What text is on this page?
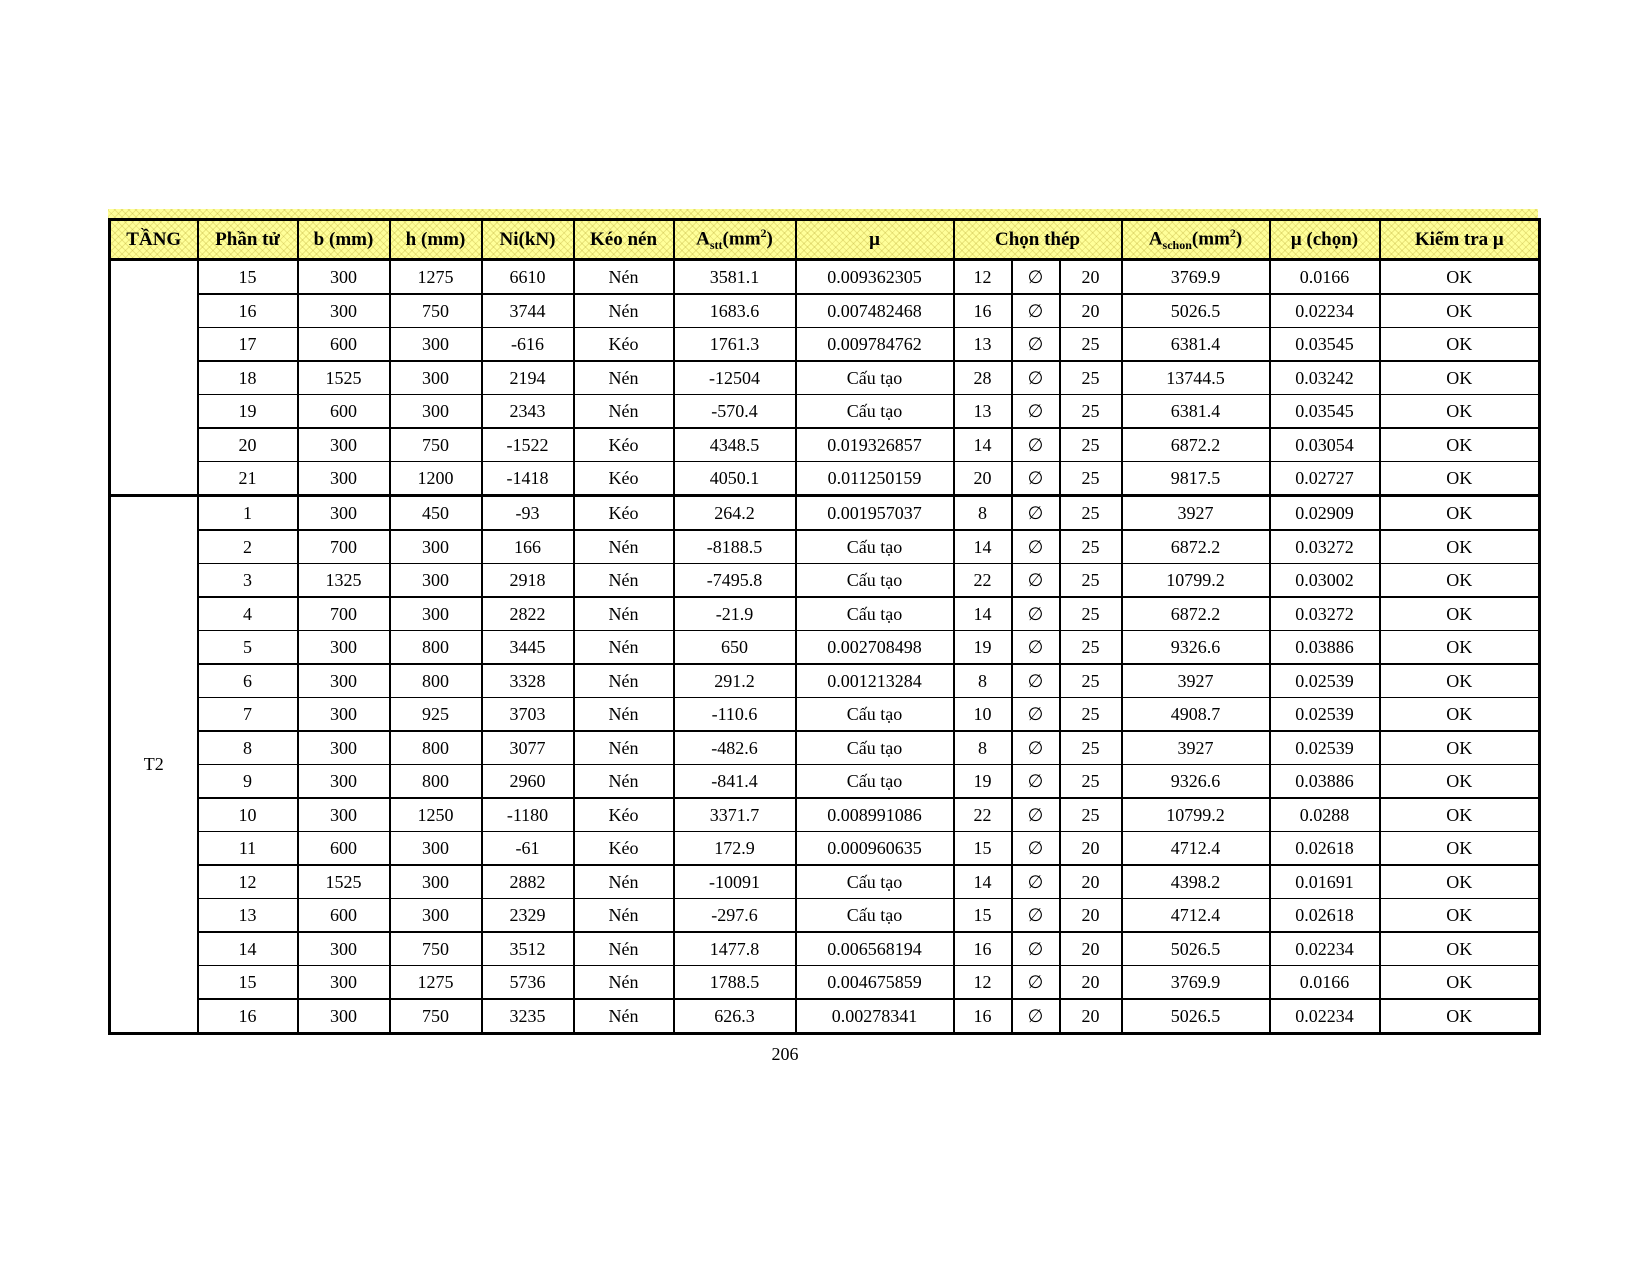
TẦNG	Phần tử	b (mm)	h (mm)	Ni(kN)	Kéo nén	$A_{stt}(mm^2)$	μ	Chọn thép			$A_{schon}(mm^2)$	μ (chọn)	Kiểm tra μ
	15	300	1275	6610	Nén	3581.1	0.009362305	12	∅	20	3769.9	0.0166	OK
	16	300	750	3744	Nén	1683.6	0.007482468	16	∅	20	5026.5	0.02234	OK
	17	600	300	-616	Kéo	1761.3	0.009784762	13	∅	25	6381.4	0.03545	OK
	18	1525	300	2194	Nén	-12504	Cấu tạo	28	∅	25	13744.5	0.03242	OK
	19	600	300	2343	Nén	-570.4	Cấu tạo	13	∅	25	6381.4	0.03545	OK
	20	300	750	-1522	Kéo	4348.5	0.019326857	14	∅	25	6872.2	0.03054	OK
	21	300	1200	-1418	Kéo	4050.1	0.011250159	20	∅	25	9817.5	0.02727	OK
T2	1	300	450	-93	Kéo	264.2	0.001957037	8	∅	25	3927	0.02909	OK
	2	700	300	166	Nén	-8188.5	Cấu tạo	14	∅	25	6872.2	0.03272	OK
	3	1325	300	2918	Nén	-7495.8	Cấu tạo	22	∅	25	10799.2	0.03002	OK
	4	700	300	2822	Nén	-21.9	Cấu tạo	14	∅	25	6872.2	0.03272	OK
	5	300	800	3445	Nén	650	0.002708498	19	∅	25	9326.6	0.03886	OK
	6	300	800	3328	Nén	291.2	0.001213284	8	∅	25	3927	0.02539	OK
	7	300	925	3703	Nén	-110.6	Cấu tạo	10	∅	25	4908.7	0.02539	OK
	8	300	800	3077	Nén	-482.6	Cấu tạo	8	∅	25	3927	0.02539	OK
	9	300	800	2960	Nén	-841.4	Cấu tạo	19	∅	25	9326.6	0.03886	OK
	10	300	1250	-1180	Kéo	3371.7	0.008991086	22	∅	25	10799.2	0.0288	OK
	11	600	300	-61	Kéo	172.9	0.000960635	15	∅	20	4712.4	0.02618	OK
	12	1525	300	2882	Nén	-10091	Cấu tạo	14	∅	20	4398.2	0.01691	OK
	13	600	300	2329	Nén	-297.6	Cấu tạo	15	∅	20	4712.4	0.02618	OK
	14	300	750	3512	Nén	1477.8	0.006568194	16	∅	20	5026.5	0.02234	OK
	15	300	1275	5736	Nén	1788.5	0.004675859	12	∅	20	3769.9	0.0166	OK
	16	300	750	3235	Nén	626.3	0.00278341	16	∅	20	5026.5	0.02234	OK
206
